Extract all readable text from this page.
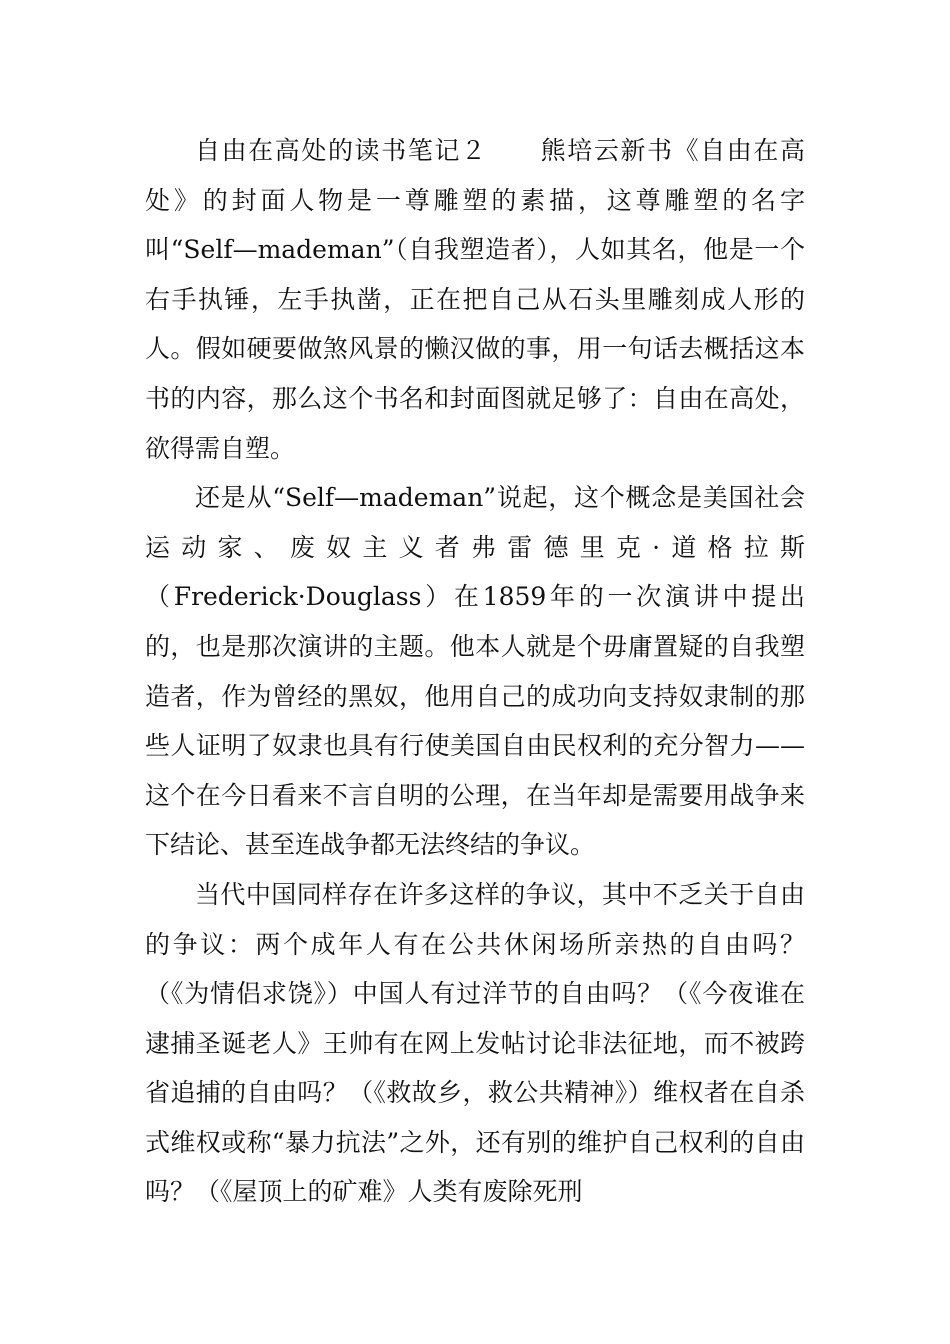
自由在高处的读书笔记２　　熊培云新书《自由在高处》的封面人物是一尊雕塑的素描，这尊雕塑的名字叫“Self—mademan”（自我塑造者），人如其名，他是一个右手执锤，左手执凿，正在把自己从石头里雕刻成人形的人。假如硬要做煞风景的懒汉做的事，用一句话去概括这本书的内容，那么这个书名和封面图就足够了：自由在高处，欲得需自塑。

还是从“Self—mademan”说起，这个概念是美国社会运动家、废奴主义者弗雷德里克·道格拉斯（Frederick·Douglass）在1859年的一次演讲中提出的，也是那次演讲的主题。他本人就是个毋庸置疑的自我塑造者，作为曾经的黑奴，他用自己的成功向支持奴隶制的那些人证明了奴隶也具有行使美国自由民权利的充分智力——这个在今日看来不言自明的公理，在当年却是需要用战争来下结论、甚至连战争都无法终结的争议。

当代中国同样存在许多这样的争议，其中不乏关于自由的争议：两个成年人有在公共休闲场所亲热的自由吗？（《为情侣求饶》）中国人有过洋节的自由吗？（《今夜谁在逮捕圣诞老人》王帅有在网上发帖讨论非法征地，而不被跨省追捕的自由吗？（《救故乡，救公共精神》）维权者在自杀式维权或称“暴力抗法”之外，还有别的维护自己权利的自由吗？（《屋顶上的矿难》人类有废除死刑
